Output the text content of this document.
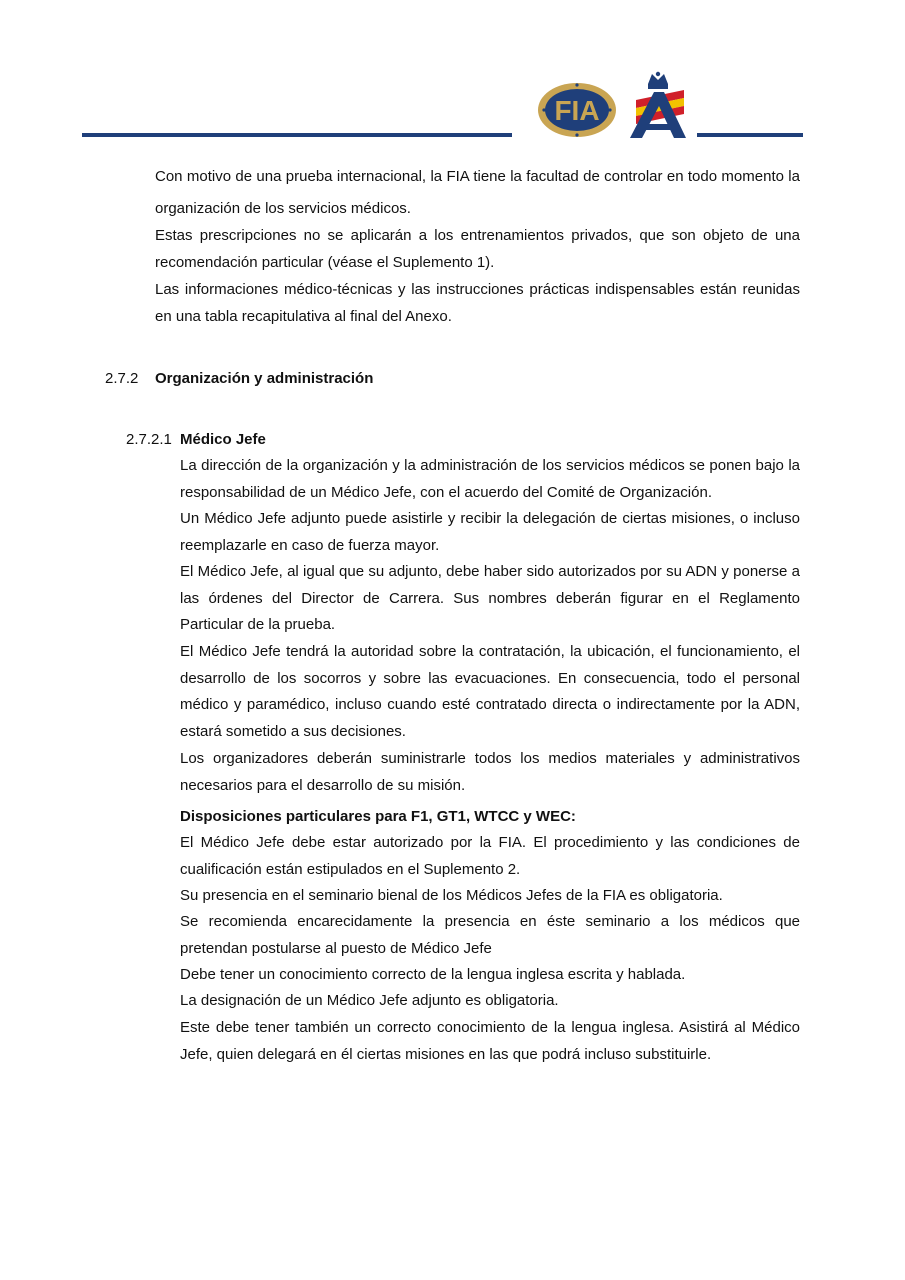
FIA
A

Con motivo de una prueba internacional, la FIA tiene la facultad de controlar en todo momento la organización de los servicios médicos.

Estas prescripciones no se aplicarán a los entrenamientos privados, que son objeto de una recomendación particular (véase el Suplemento 1).

Las informaciones médico-técnicas y las instrucciones prácticas indispensables están reunidas en una tabla recapitulativa al final del Anexo.

2.7.2 Organización y administración
2.7.2.1 Médico Jefe

La dirección de la organización y la administración de los servicios médicos se ponen bajo la responsabilidad de un Médico Jefe, con el acuerdo del Comité de Organización.

Un Médico Jefe adjunto puede asistirle y recibir la delegación de ciertas misiones, o incluso reemplazarle en caso de fuerza mayor.

El Médico Jefe, al igual que su adjunto, debe haber sido autorizados por su ADN y ponerse a las órdenes del Director de Carrera. Sus nombres deberán figurar en el Reglamento Particular de la prueba.

El Médico Jefe tendrá la autoridad sobre la contratación, la ubicación, el funcionamiento, el desarrollo de los socorros y sobre las evacuaciones. En consecuencia, todo el personal médico y paramédico, incluso cuando esté contratado directa o indirectamente por la ADN, estará sometido a sus decisiones.

Los organizadores deberán suministrarle todos los medios materiales y administrativos necesarios para el desarrollo de su misión.

Disposiciones particulares para F1, GT1, WTCC y WEC:

El Médico Jefe debe estar autorizado por la FIA. El procedimiento y las condiciones de cualificación están estipulados en el Suplemento 2.

Su presencia en el seminario bienal de los Médicos Jefes de la FIA es obligatoria.

Se recomienda encarecidamente la presencia en éste seminario a los médicos que pretendan postularse al puesto de Médico Jefe

Debe tener un conocimiento correcto de la lengua inglesa escrita y hablada.

La designación de un Médico Jefe adjunto es obligatoria.

Este debe tener también un correcto conocimiento de la lengua inglesa. Asistirá al Médico Jefe, quien delegará en él ciertas misiones en las que podrá incluso substituirle.
